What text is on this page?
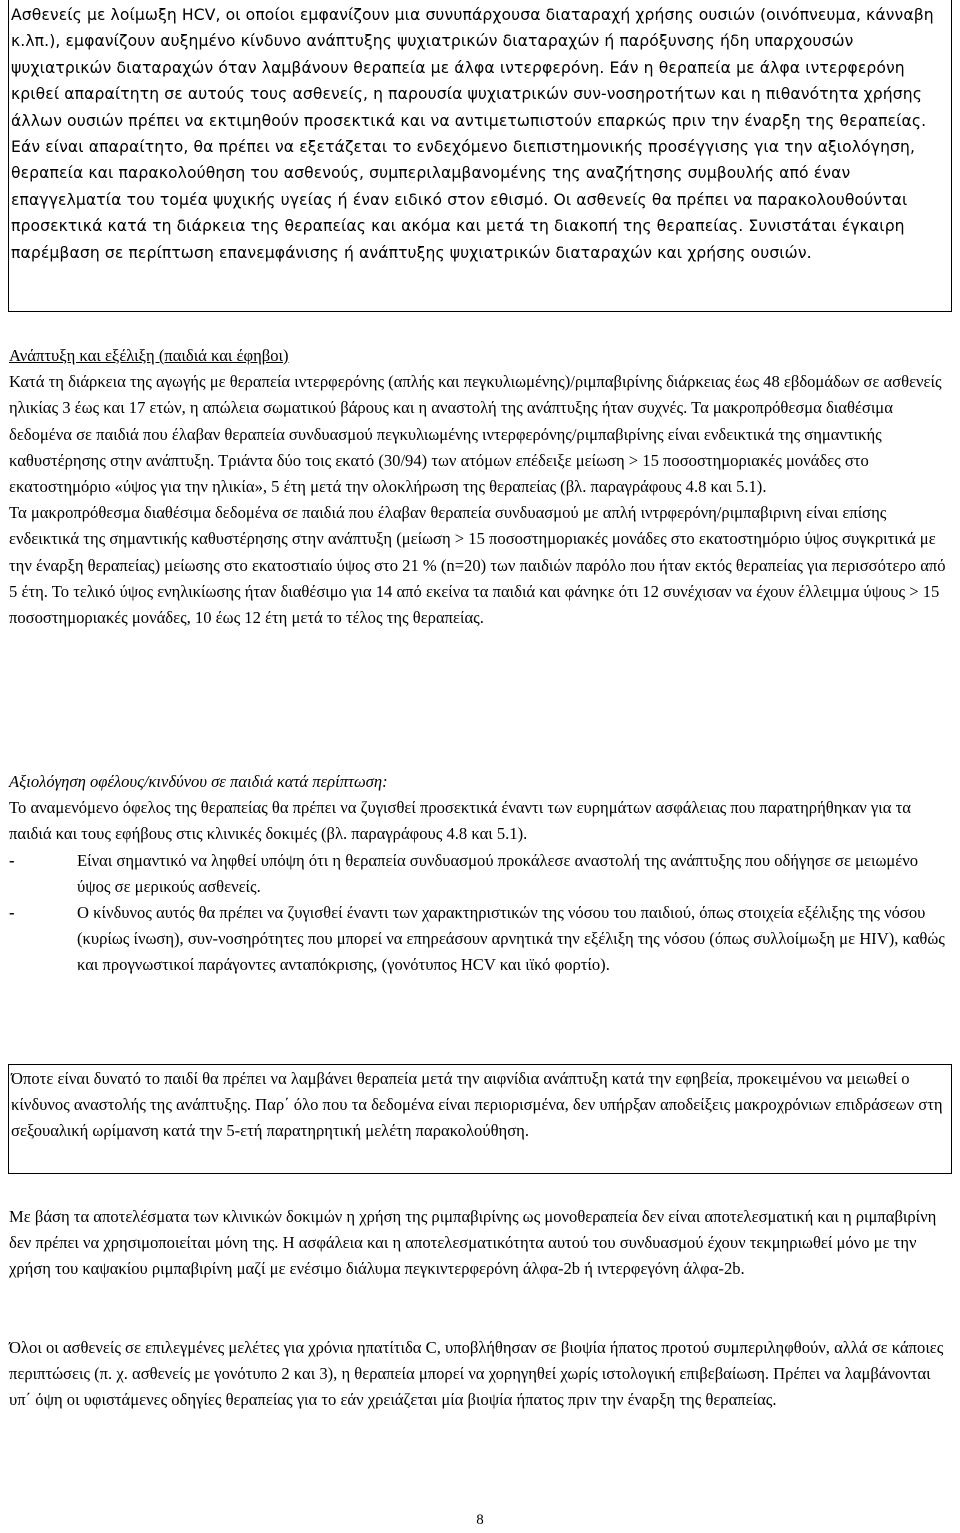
Ασθενείς με λοίμωξη HCV, οι οποίοι εμφανίζουν μια συνυπάρχουσα διαταραχή χρήσης ουσιών (οινόπνευμα, κάνναβη κ.λπ.), εμφανίζουν αυξημένο κίνδυνο ανάπτυξης ψυχιατρικών διαταραχών ή παρόξυνσης ήδη υπαρχουσών ψυχιατρικών διαταραχών όταν λαμβάνουν θεραπεία με άλφα ιντερφερόνη. Εάν η θεραπεία με άλφα ιντερφερόνη κριθεί απαραίτητη σε αυτούς τους ασθενείς, η παρουσία ψυχιατρικών συν-νοσηροτήτων και η πιθανότητα χρήσης άλλων ουσιών πρέπει να εκτιμηθούν προσεκτικά και να αντιμετωπιστούν επαρκώς πριν την έναρξη της θεραπείας. Εάν είναι απαραίτητο, θα πρέπει να εξετάζεται το ενδεχόμενο διεπιστημονικής προσέγγισης για την αξιολόγηση, θεραπεία και παρακολούθηση του ασθενούς, συμπεριλαμβανομένης της αναζήτησης συμβουλής από έναν επαγγελματία του τομέα ψυχικής υγείας ή έναν ειδικό στον εθισμό. Οι ασθενείς θα πρέπει να παρακολουθούνται προσεκτικά κατά τη διάρκεια της θεραπείας και ακόμα και μετά τη διακοπή της θεραπείας. Συνιστάται έγκαιρη παρέμβαση σε περίπτωση επανεμφάνισης ή ανάπτυξης ψυχιατρικών διαταραχών και χρήσης ουσιών.

Ανάπτυξη και εξέλιξη (παιδιά και έφηβοι)

Κατά τη διάρκεια της αγωγής με θεραπεία ιντερφερόνης (απλής και πεγκυλιωμένης)/ριμπαβιρίνης διάρκειας έως 48 εβδομάδων σε ασθενείς ηλικίας 3 έως και 17 ετών, η απώλεια σωματικού βάρους και η αναστολή της ανάπτυξης ήταν συχνές. Τα μακροπρόθεσμα διαθέσιμα δεδομένα σε παιδιά που έλαβαν θεραπεία συνδυασμού πεγκυλιωμένης ιντερφερόνης/ριμπαβιρίνης είναι ενδεικτικά της σημαντικής καθυστέρησης στην ανάπτυξη. Τριάντα δύο τοις εκατό (30/94) των ατόμων επέδειξε μείωση > 15 ποσοστημοριακές μονάδες στο εκατοστημόριο «ύψος για την ηλικία», 5 έτη μετά την ολοκλήρωση της θεραπείας (βλ. παραγράφους 4.8 και 5.1).

Τα μακροπρόθεσμα διαθέσιμα δεδομένα σε παιδιά που έλαβαν θεραπεία συνδυασμού με απλή ιντρφερόνη/ριμπαβιρινη είναι επίσης ενδεικτικά της σημαντικής καθυστέρησης στην ανάπτυξη (μείωση > 15 ποσοστημοριακές μονάδες στο εκατοστημόριο ύψος συγκριτικά με την έναρξη θεραπείας) μείωσης στο εκατοστιαίο ύψος στο 21 % (n=20) των παιδιών παρόλο που ήταν εκτός θεραπείας για περισσότερο από 5 έτη. Το τελικό ύψος ενηλικίωσης ήταν διαθέσιμο για 14 από εκείνα τα παιδιά και φάνηκε ότι 12 συνέχισαν να έχουν έλλειμμα ύψους > 15 ποσοστημοριακές μονάδες, 10 έως 12 έτη μετά το τέλος της θεραπείας.

Αξιολόγηση οφέλους/κινδύνου σε παιδιά κατά περίπτωση:

Το αναμενόμενο όφελος της θεραπείας θα πρέπει να ζυγισθεί προσεκτικά έναντι των ευρημάτων ασφάλειας που παρατηρήθηκαν για τα παιδιά και τους εφήβους στις κλινικές δοκιμές (βλ. παραγράφους 4.8 και 5.1).

-	Είναι σημαντικό να ληφθεί υπόψη ότι η θεραπεία συνδυασμού προκάλεσε αναστολή της ανάπτυξης που οδήγησε σε μειωμένο ύψος σε μερικούς ασθενείς.

-	Ο κίνδυνος αυτός θα πρέπει να ζυγισθεί έναντι των χαρακτηριστικών της νόσου του παιδιού, όπως στοιχεία εξέλιξης της νόσου (κυρίως ίνωση), συν-νοσηρότητες που μπορεί να επηρεάσουν αρνητικά την εξέλιξη της νόσου (όπως συλλοίμωξη με HIV), καθώς και προγνωστικοί παράγοντες ανταπόκρισης, (γονότυπος HCV και ιϊκό φορτίο).

Όποτε είναι δυνατό το παιδί θα πρέπει να λαμβάνει θεραπεία μετά την αιφνίδια ανάπτυξη κατά την εφηβεία, προκειμένου να μειωθεί ο κίνδυνος αναστολής της ανάπτυξης. Παρ΄ όλο που τα δεδομένα είναι περιορισμένα, δεν υπήρξαν αποδείξεις μακροχρόνιων επιδράσεων στη σεξουαλική ωρίμανση κατά την 5-ετή παρατηρητική μελέτη παρακολούθηση.

Με βάση τα αποτελέσματα των κλινικών δοκιμών η χρήση της ριμπαβιρίνης ως μονοθεραπεία δεν είναι αποτελεσματική και η ριμπαβιρίνη δεν πρέπει να χρησιμοποιείται μόνη της. Η ασφάλεια και η αποτελεσματικότητα αυτού του συνδυασμού έχουν τεκμηριωθεί μόνο με την χρήση του καψακίου ριμπαβιρίνη μαζί με ενέσιμο διάλυμα πεγκιντερφερόνη άλφα-2b ή ιντερφεγόνη άλφα-2b.

Όλοι οι ασθενείς σε επιλεγμένες μελέτες για χρόνια ηπατίτιδα C, υποβλήθησαν σε βιοψία ήπατος προτού συμπεριληφθούν, αλλά σε κάποιες περιπτώσεις (π. χ. ασθενείς με γονότυπο 2 και 3), η θεραπεία μπορεί να χορηγηθεί χωρίς ιστολογική επιβεβαίωση. Πρέπει να λαμβάνονται υπ΄ όψη οι υφιστάμενες οδηγίες θεραπείας για το εάν χρειάζεται μία βιοψία ήπατος πριν την έναρξη της θεραπείας.

8
